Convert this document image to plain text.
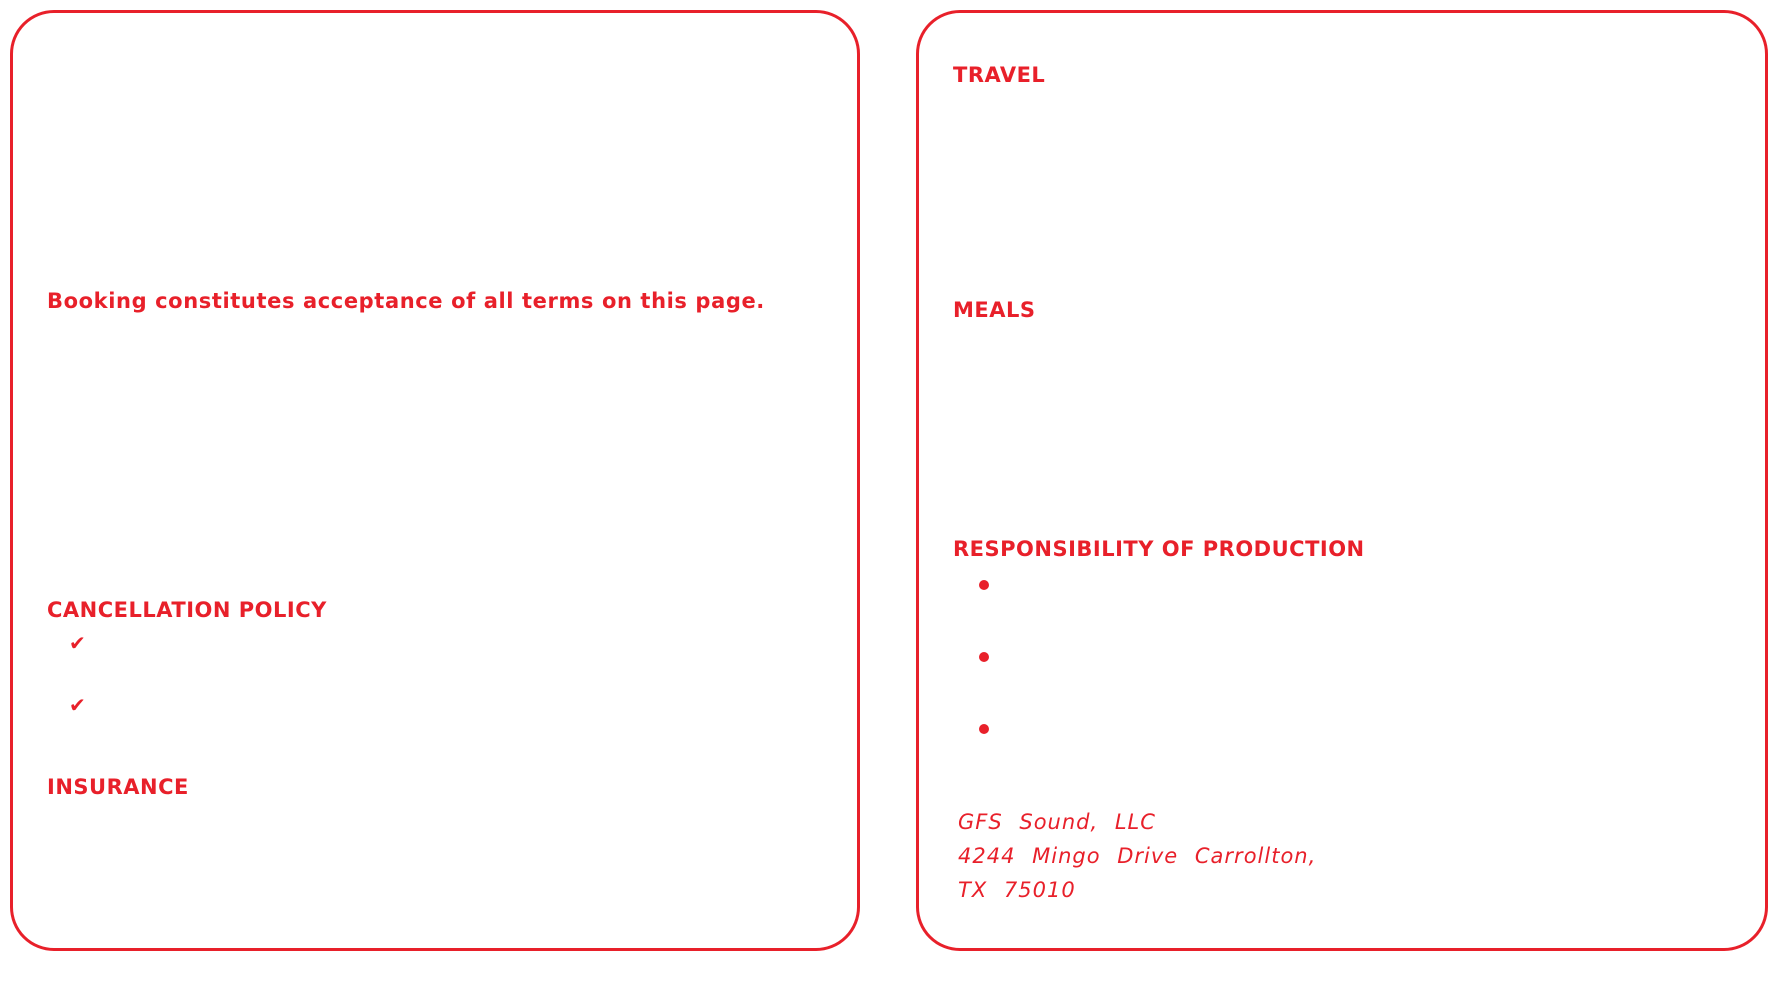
Booking constitutes acceptance of all terms on this page.

CANCELLATION POLICY
✔
✔
INSURANCE
TRAVEL
MEALS
RESPONSIBILITY OF PRODUCTION
GFS Sound, LLC
4244 Mingo Drive Carrollton,
TX 75010
